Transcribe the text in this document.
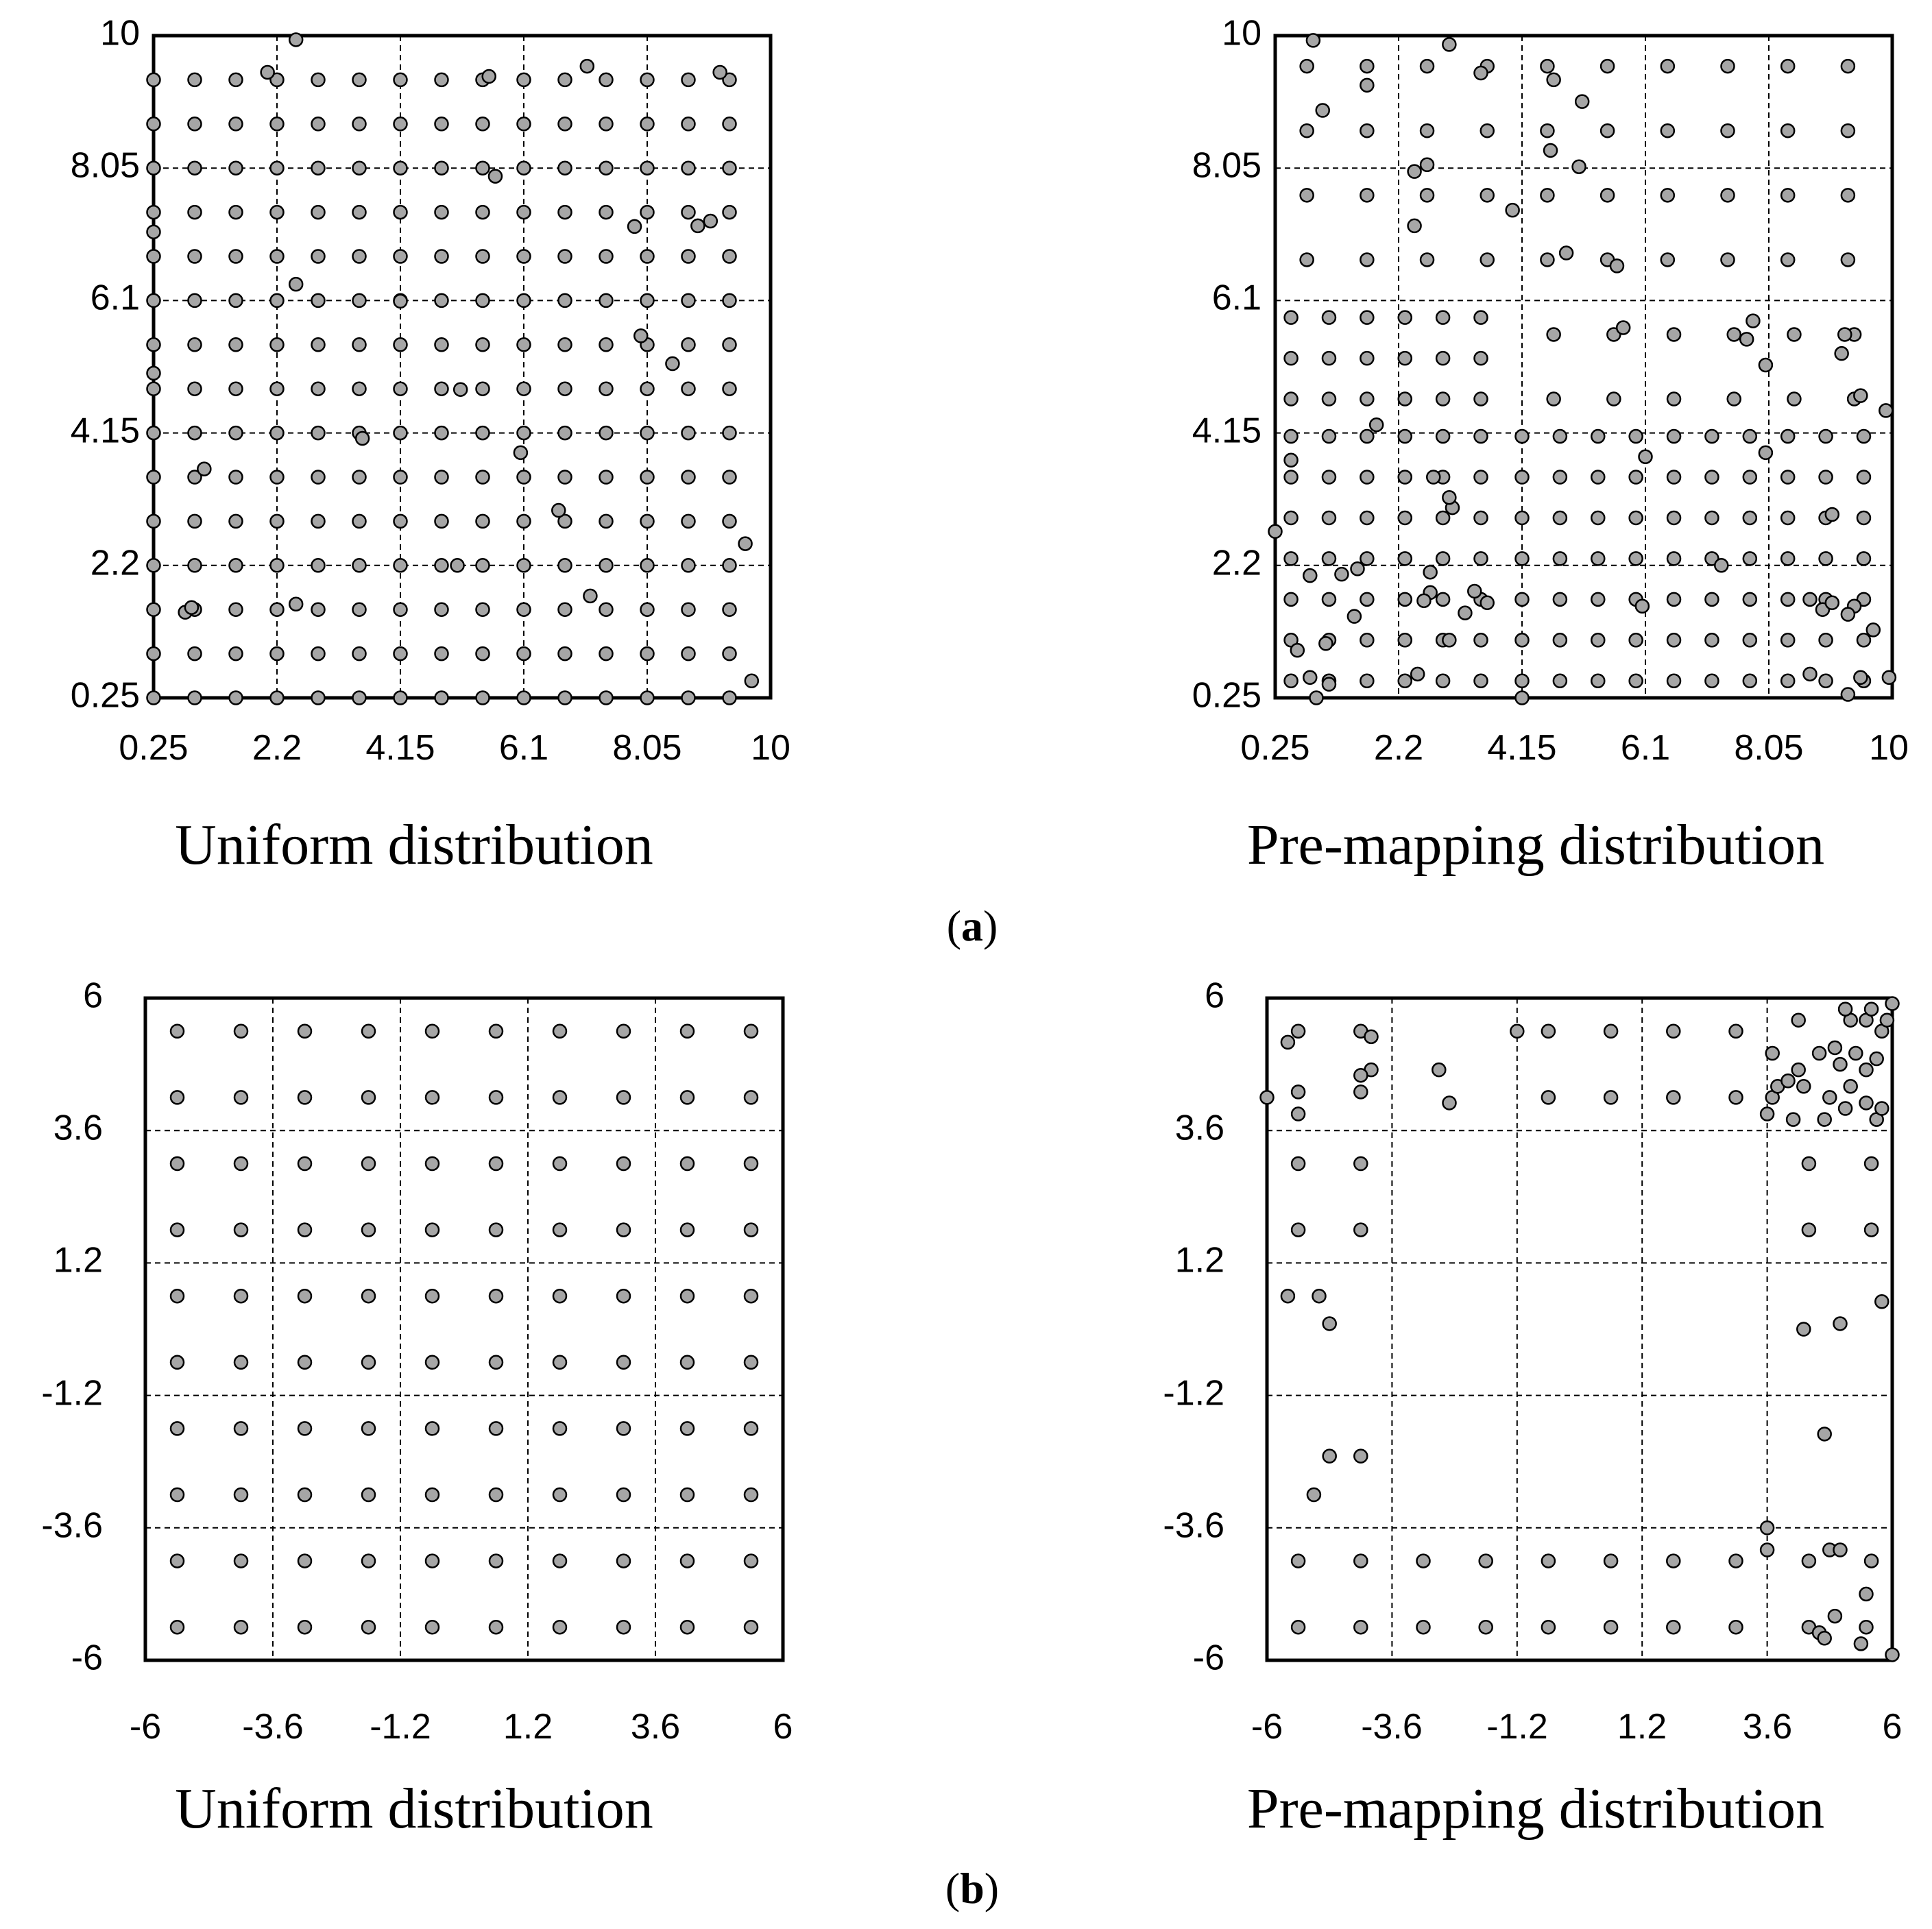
0.25
2.2
4.15
6.1
8.05
10
0.25 2.2 4.15 6.1 8.05 10
Uniform distribution
0.25
2.2
4.15
6.1
8.05
10
0.25 2.2 4.15 6.1 8.05 10
Pre-mapping distribution
(a)
-6
-3.6
-1.2
1.2
3.6
6
-6 -3.6 -1.2 1.2 3.6	6
Uniform distribution
-6
-3.6
-1.2
1.2
3.6
6
-6 -3.6 -1.2 1.2 3.6	6
Pre-mapping distribution
(b)
